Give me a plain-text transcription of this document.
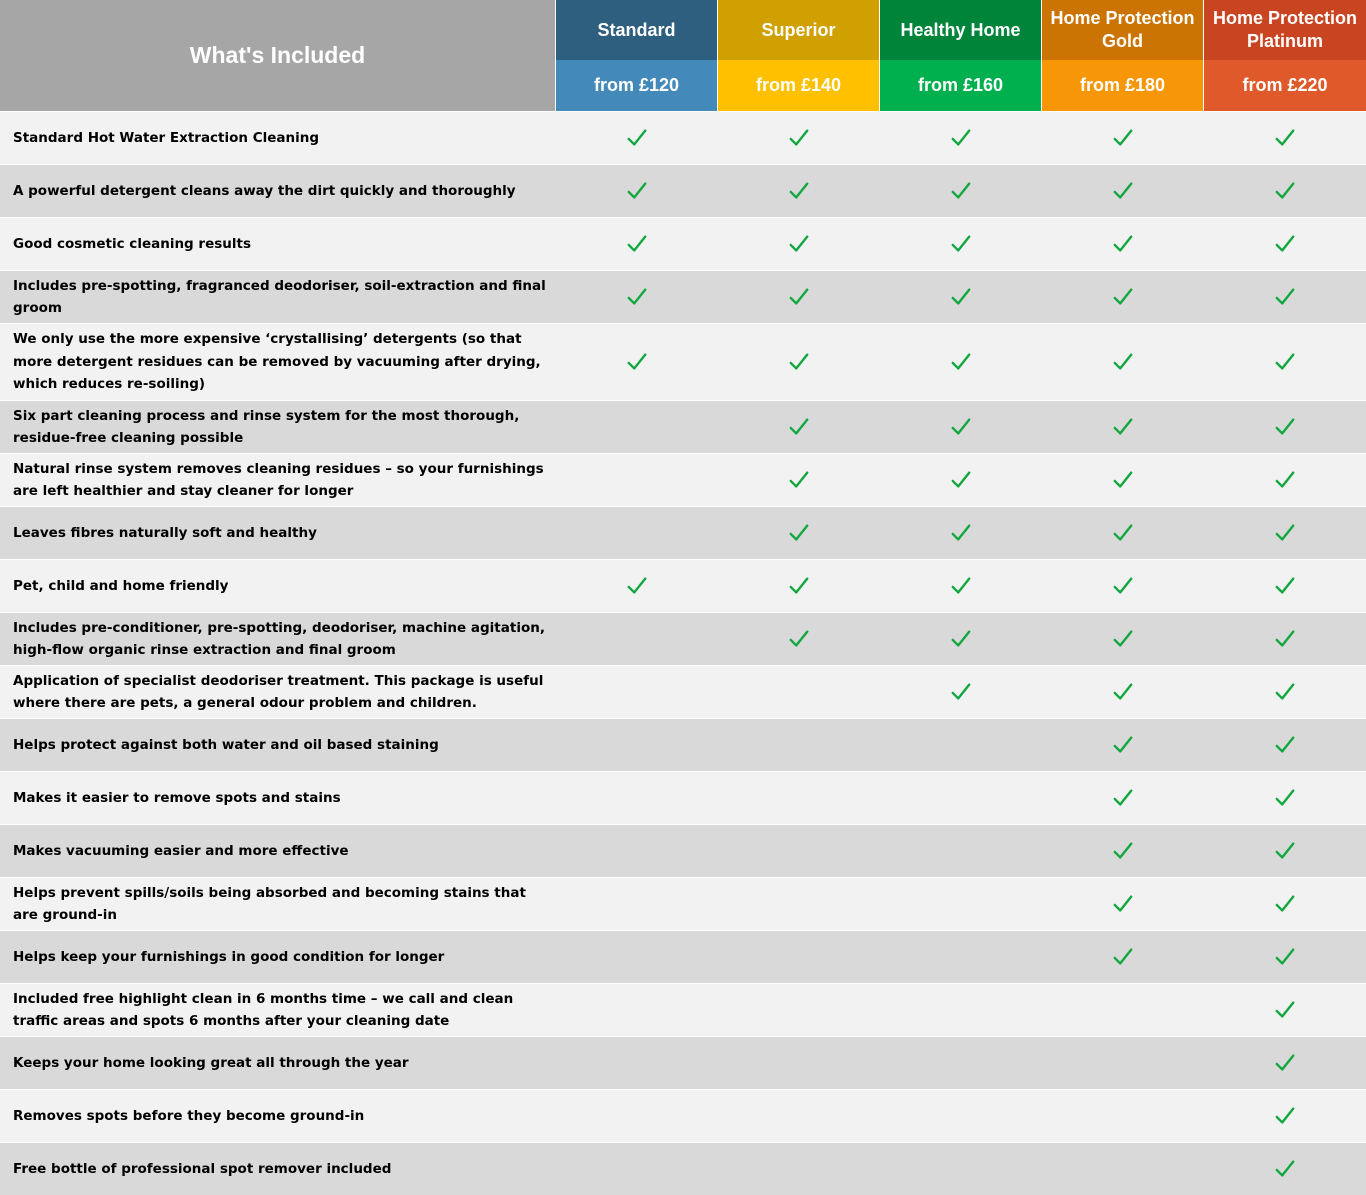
What's Included
Standard
from £120
Superior
from £140
Healthy Home
from £160
Home Protection Gold
from £180
Home Protection Platinum
from £220
Standard Hot Water Extraction Cleaning
A powerful detergent cleans away the dirt quickly and thoroughly
Good cosmetic cleaning results
Includes pre-spotting, fragranced deodoriser, soil-extraction and final groom
We only use the more expensive ‘crystallising’ detergents (so that more detergent residues can be removed by vacuuming after drying, which reduces re-soiling)
Six part cleaning process and rinse system for the most thorough, residue-free cleaning possible
Natural rinse system removes cleaning residues – so your furnishings are left healthier and stay cleaner for longer
Leaves fibres naturally soft and healthy
Pet, child and home friendly
Includes pre-conditioner, pre-spotting, deodoriser, machine agitation, high-flow organic rinse extraction and final groom
Application of specialist deodoriser treatment. This package is useful where there are pets, a general odour problem and children.
Helps protect against both water and oil based staining
Makes it easier to remove spots and stains
Makes vacuuming easier and more effective
Helps prevent spills/soils being absorbed and becoming stains that are ground-in
Helps keep your furnishings in good condition for longer
Included free highlight clean in 6 months time – we call and clean traffic areas and spots 6 months after your cleaning date
Keeps your home looking great all through the year
Removes spots before they become ground-in
Free bottle of professional spot remover included
